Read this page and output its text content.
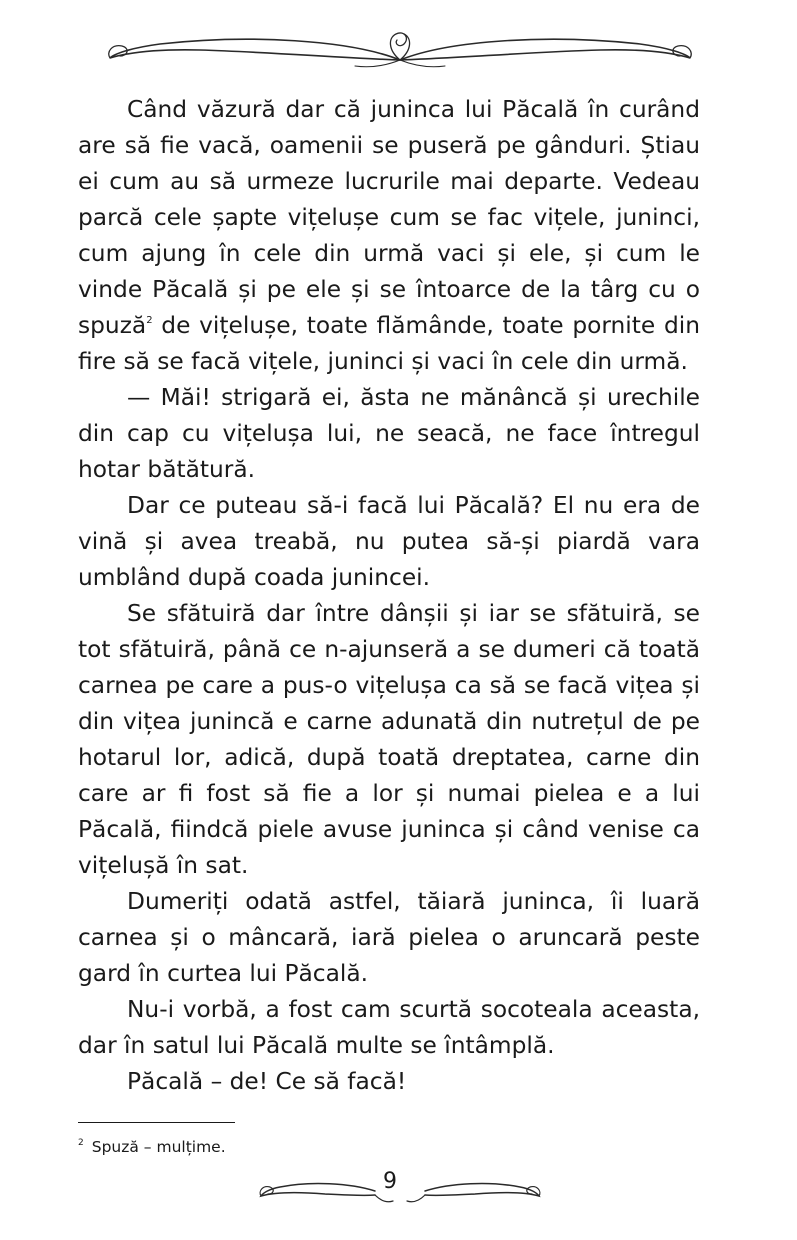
Când văzură dar că juninca lui Păcală în curând are să fie vacă, oamenii se puseră pe gânduri. Știau ei cum au să urmeze lucrurile mai departe. Vedeau parcă cele șapte vițelușe cum se fac vițele, juninci, cum ajung în cele din urmă vaci și ele, și cum le vinde Păcală și pe ele și se întoarce de la târg cu o spuză$^2$ de vițelușe, toate flămânde, toate pornite din fire să se facă vițele, juninci și vaci în cele din urmă.

— Măi! strigară ei, ăsta ne mănâncă și urechile din cap cu vițelușa lui, ne seacă, ne face întregul hotar bătătură.

Dar ce puteau să-i facă lui Păcală? El nu era de vină și avea treabă, nu putea să-și piardă vara umblând după coada junincei.

Se sfătuiră dar între dânșii și iar se sfătuiră, se tot sfătuiră, până ce n-ajunseră a se dumeri că toată carnea pe care a pus-o vițelușa ca să se facă vițea și din vițea junincă e carne adunată din nutrețul de pe hotarul lor, adică, după toată dreptatea, carne din care ar fi fost să fie a lor și numai pielea e a lui Păcală, fiindcă piele avuse juninca și când venise ca vițelușă în sat.

Dumeriți odată astfel, tăiară juninca, îi luară carnea și o mâncară, iară pielea o aruncară peste gard în curtea lui Păcală.

Nu-i vorbă, a fost cam scurtă socoteala aceasta, dar în satul lui Păcală multe se întâmplă.

Păcală – de! Ce să facă!

$^2$ Spuză – mulțime.
9
